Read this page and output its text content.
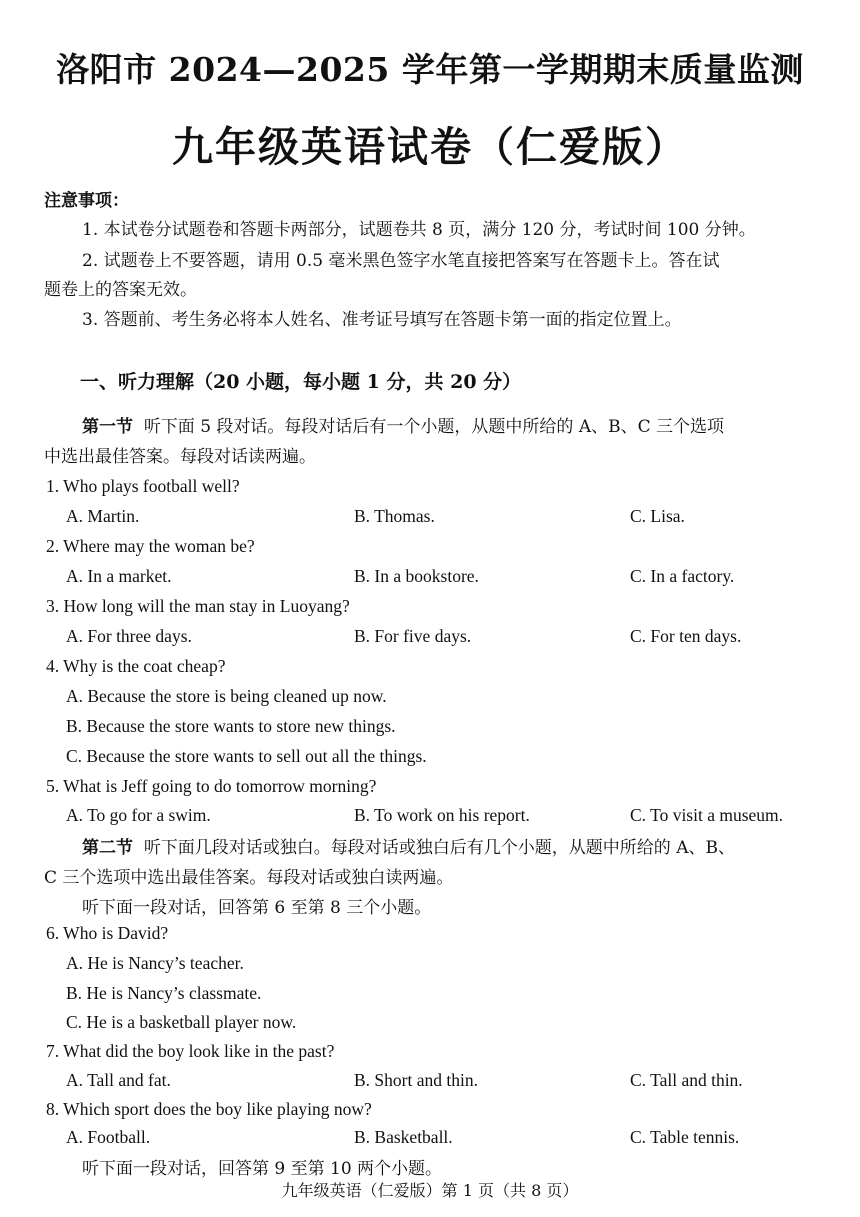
洛阳市 2024—2025 学年第一学期期末质量监测
九年级英语试卷（仁爱版）
注意事项：
1. 本试卷分试题卷和答题卡两部分，试题卷共 8 页，满分 120 分，考试时间 100 分钟。
2. 试题卷上不要答题，请用 0.5 毫米黑色签字水笔直接把答案写在答题卡上。答在试
题卷上的答案无效。
3. 答题前、考生务必将本人姓名、准考证号填写在答题卡第一面的指定位置上。
一、听力理解（20 小题，每小题 1 分，共 20 分）
第一节 听下面 5 段对话。每段对话后有一个小题，从题中所给的 A、B、C 三个选项
中选出最佳答案。每段对话读两遍。
1. Who plays football well?
A. Martin.	B. Thomas.	C. Lisa.
2. Where may the woman be?
A. In a market.	B. In a bookstore.	C. In a factory.
3. How long will the man stay in Luoyang?
A. For three days.	B. For five days.	C. For ten days.
4. Why is the coat cheap?
A. Because the store is being cleaned up now.
B. Because the store wants to store new things.
C. Because the store wants to sell out all the things.
5. What is Jeff going to do tomorrow morning?
A. To go for a swim.	B. To work on his report.	C. To visit a museum.
第二节 听下面几段对话或独白。每段对话或独白后有几个小题，从题中所给的 A、B、
C 三个选项中选出最佳答案。每段对话或独白读两遍。
听下面一段对话，回答第 6 至第 8 三个小题。
6. Who is David?
A. He is Nancy’s teacher.
B. He is Nancy’s classmate.
C. He is a basketball player now.
7. What did the boy look like in the past?
A. Tall and fat.	B. Short and thin.	C. Tall and thin.
8. Which sport does the boy like playing now?
A. Football.	B. Basketball.	C. Table tennis.
听下面一段对话，回答第 9 至第 10 两个小题。
九年级英语（仁爱版）第 1 页（共 8 页）
